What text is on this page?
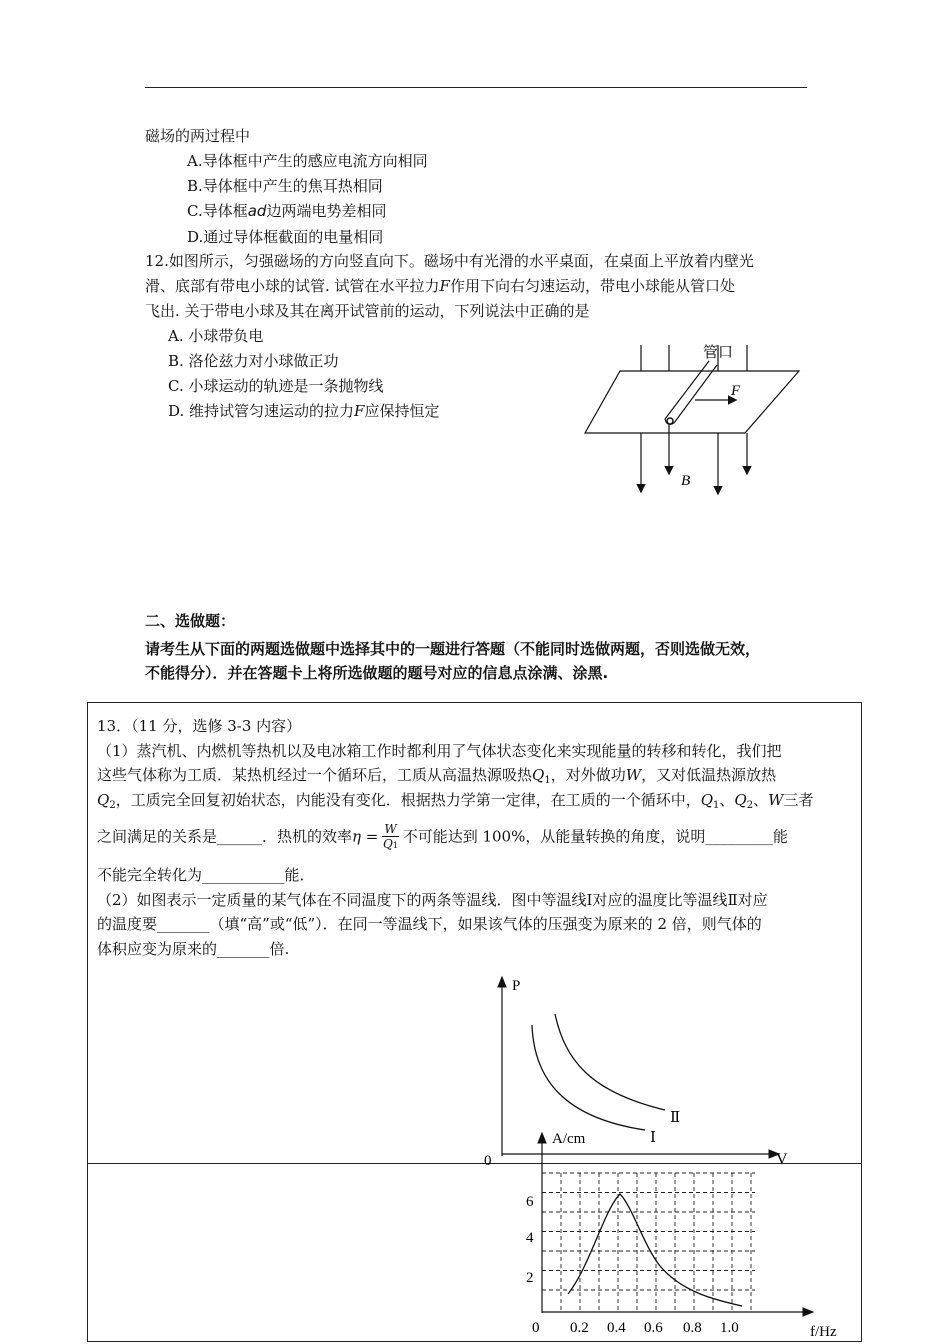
磁场的两过程中
A.导体框中产生的感应电流方向相同
B.导体框中产生的焦耳热相同
C.导体框ad边两端电势差相同
D.通过导体框截面的电量相同
12.如图所示，匀强磁场的方向竖直向下。磁场中有光滑的水平桌面，在桌面上平放着内壁光
滑、底部有带电小球的试管. 试管在水平拉力F作用下向右匀速运动，带电小球能从管口处
飞出. 关于带电小球及其在离开试管前的运动，下列说法中正确的是
A. 小球带负电
B. 洛伦兹力对小球做正功
C. 小球运动的轨迹是一条抛物线
D. 维持试管匀速运动的拉力F应保持恒定
F
管口
B
二、选做题：
请考生从下面的两题选做题中选择其中的一题进行答题（不能同时选做两题，否则选做无效，
不能得分）．并在答题卡上将所选做题的题号对应的信息点涂满、涂黑.
13．（11 分，选修 3-3 内容）
（1）蒸汽机、内燃机等热机以及电冰箱工作时都利用了气体状态变化来实现能量的转移和转化，我们把
这些气体称为工质．某热机经过一个循环后，工质从高温热源吸热$Q_1$，对外做功W，又对低温热源放热
$Q_2$，工质完全回复初始状态，内能没有变化．根据热力学第一定律，在工质的一个循环中，$Q_1$、$Q_2$、W三者
之间满足的关系是______．热机的效率$\eta = \frac{W}{Q1}$ 不可能达到 100%，从能量转换的角度，说明_________能
不能完全转化为___________能．
（2）如图表示一定质量的某气体在不同温度下的两条等温线．图中等温线Ⅰ对应的温度比等温线Ⅱ对应
的温度要_______（填“高”或“低”）．在同一等温线下，如果该气体的压强变为原来的 2 倍，则气体的
体积应变为原来的_______倍.
P
V
0
Ⅰ
Ⅱ
A/cm
f/Hz
0
2
4
6
0.2 0.4 0.6 0.8 1.0
